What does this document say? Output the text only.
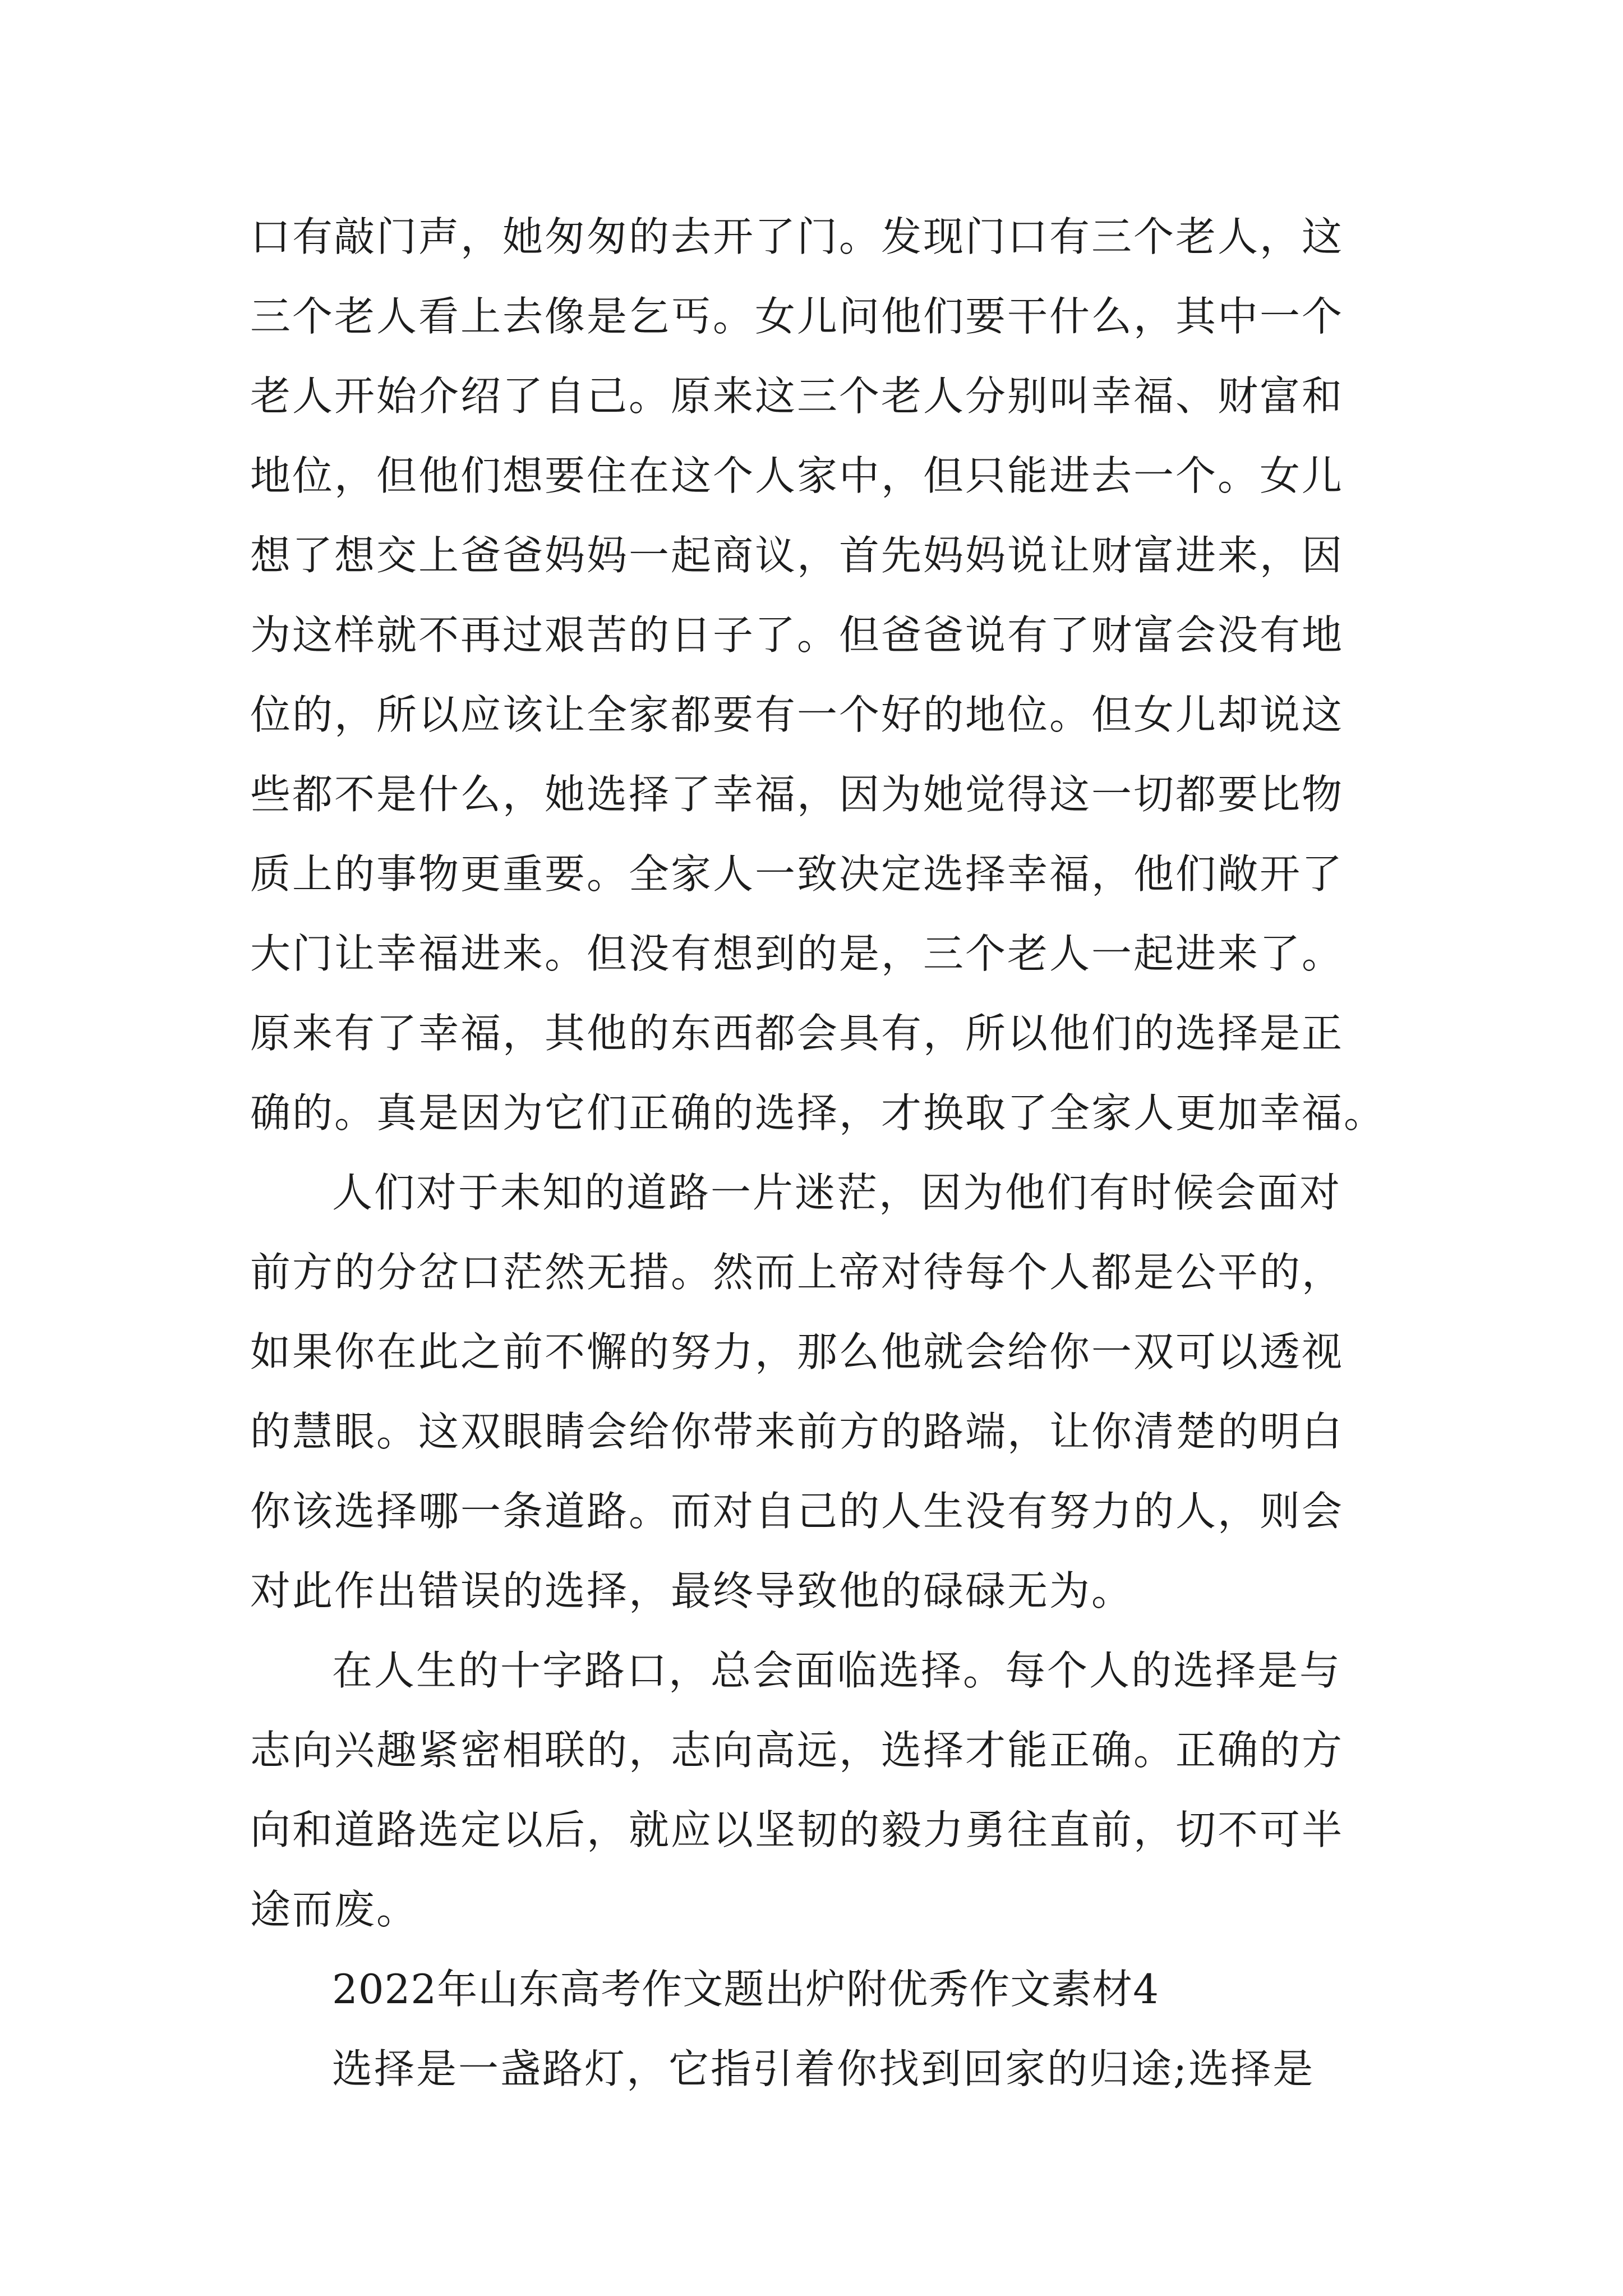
口有敲门声，她匆匆的去开了门。发现门口有三个老人，这
三个老人看上去像是乞丐。女儿问他们要干什么，其中一个
老人开始介绍了自己。原来这三个老人分别叫幸福、财富和
地位，但他们想要住在这个人家中，但只能进去一个。女儿
想了想交上爸爸妈妈一起商议，首先妈妈说让财富进来，因
为这样就不再过艰苦的日子了。但爸爸说有了财富会没有地
位的，所以应该让全家都要有一个好的地位。但女儿却说这
些都不是什么，她选择了幸福，因为她觉得这一切都要比物
质上的事物更重要。全家人一致决定选择幸福，他们敞开了
大门让幸福进来。但没有想到的是，三个老人一起进来了。
原来有了幸福，其他的东西都会具有，所以他们的选择是正
确的。真是因为它们正确的选择，才换取了全家人更加幸福。
人们对于未知的道路一片迷茫，因为他们有时候会面对
前方的分岔口茫然无措。然而上帝对待每个人都是公平的，
如果你在此之前不懈的努力，那么他就会给你一双可以透视
的慧眼。这双眼睛会给你带来前方的路端，让你清楚的明白
你该选择哪一条道路。而对自己的人生没有努力的人，则会
对此作出错误的选择，最终导致他的碌碌无为。
在人生的十字路口，总会面临选择。每个人的选择是与
志向兴趣紧密相联的，志向高远，选择才能正确。正确的方
向和道路选定以后，就应以坚韧的毅力勇往直前，切不可半
途而废。
2022年山东高考作文题出炉附优秀作文素材4
选择是一盏路灯，它指引着你找到回家的归途;选择是
